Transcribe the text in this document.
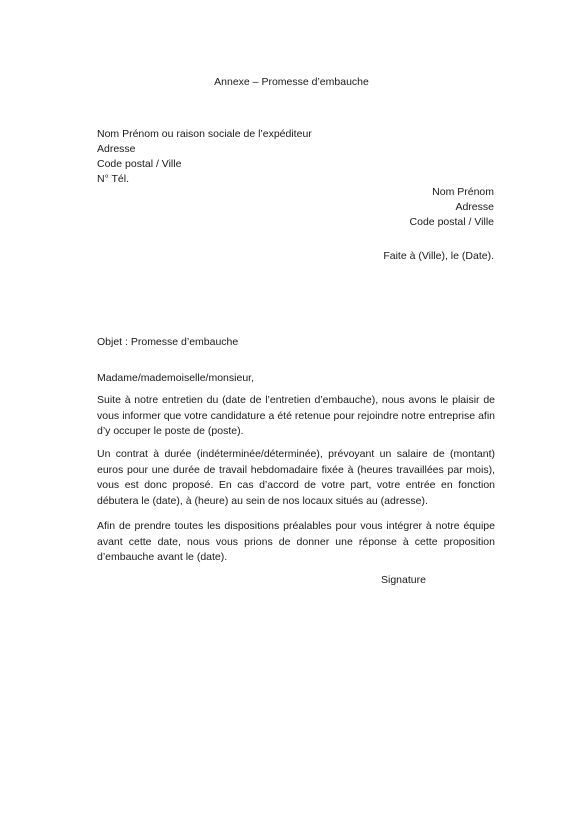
Annexe – Promesse d’embauche
Nom Prénom ou raison sociale de l’expéditeur
Adresse
Code postal / Ville
N° Tél.
Nom Prénom
Adresse
Code postal / Ville
Faite à (Ville), le (Date).
Objet : Promesse d’embauche
Madame/mademoiselle/monsieur,
Suite à notre entretien du (date de l’entretien d’embauche), nous avons le plaisir de vous informer que votre candidature a été retenue pour rejoindre notre entreprise afin d’y occuper le poste de (poste).
Un contrat à durée (indéterminée/déterminée), prévoyant un salaire de (montant) euros pour une durée de travail hebdomadaire fixée à (heures travaillées par mois), vous est donc proposé. En cas d’accord de votre part, votre entrée en fonction débutera le (date), à (heure) au sein de nos locaux situés au (adresse).
Afin de prendre toutes les dispositions préalables pour vous intégrer à notre équipe avant cette date, nous vous prions de donner une réponse à cette proposition d’embauche avant le (date).
Signature
